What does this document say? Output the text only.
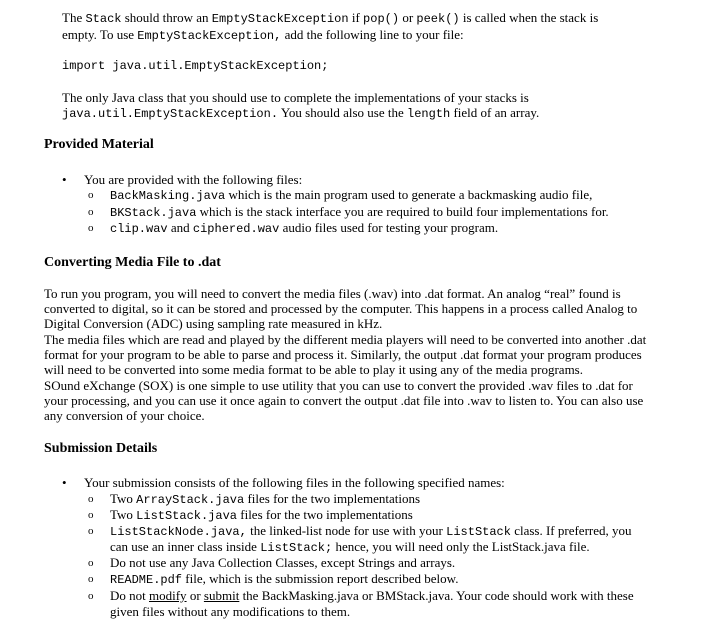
The Stack should throw an EmptyStackException if pop() or peek() is called when the stack is
empty. To use EmptyStackException, add the following line to your file:
import java.util.EmptyStackException;
The only Java class that you should use to complete the implementations of your stacks is
java.util.EmptyStackException. You should also use the length field of an array.
Provided Material
• You are provided with the following files:
o BackMasking.java which is the main program used to generate a backmasking audio file,
o BKStack.java which is the stack interface you are required to build four implementations for.
o clip.wav and ciphered.wav audio files used for testing your program.
Converting Media File to .dat
To run you program, you will need to convert the media files (.wav) into .dat format. An analog “real” found is
converted to digital, so it can be stored and processed by the computer. This happens in a process called Analog to
Digital Conversion (ADC) using sampling rate measured in kHz.
The media files which are read and played by the different media players will need to be converted into another .dat
format for your program to be able to parse and process it. Similarly, the output .dat format your program produces
will need to be converted into some media format to be able to play it using any of the media programs.
SOund eXchange (SOX) is one simple to use utility that you can use to convert the provided .wav files to .dat for
your processing, and you can use it once again to convert the output .dat file into .wav to listen to. You can also use
any conversion of your choice.
Submission Details
• Your submission consists of the following files in the following specified names:
o Two ArrayStack.java files for the two implementations
o Two ListStack.java files for the two implementations
o ListStackNode.java, the linked-list node for use with your ListStack class. If preferred, you
can use an inner class inside ListStack; hence, you will need only the ListStack.java file.
o Do not use any Java Collection Classes, except Strings and arrays.
o README.pdf file, which is the submission report described below.
o Do not modify or submit the BackMasking.java or BMStack.java. Your code should work with these
given files without any modifications to them.
